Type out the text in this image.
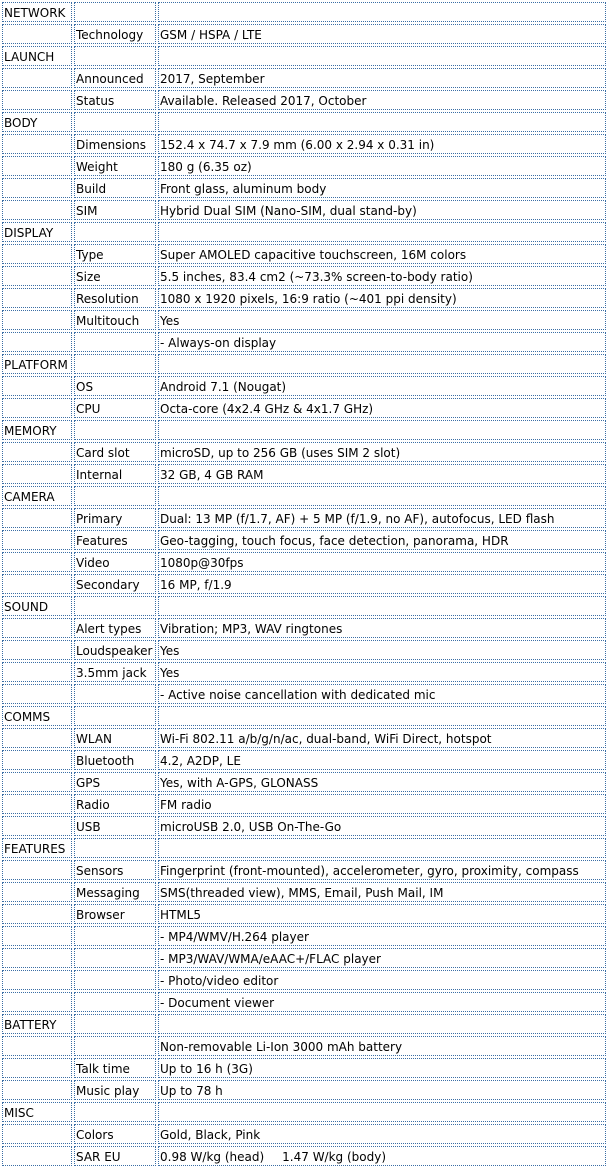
NETWORK		
	Technology	GSM / HSPA / LTE
LAUNCH		
	Announced	2017, September
	Status	Available. Released 2017, October
BODY		
	Dimensions	152.4 x 74.7 x 7.9 mm (6.00 x 2.94 x 0.31 in)
	Weight	180 g (6.35 oz)
	Build	Front glass, aluminum body
	SIM	Hybrid Dual SIM (Nano-SIM, dual stand-by)
DISPLAY		
	Type	Super AMOLED capacitive touchscreen, 16M colors
	Size	5.5 inches, 83.4 cm2 (~73.3% screen-to-body ratio)
	Resolution	1080 x 1920 pixels, 16:9 ratio (~401 ppi density)
	Multitouch	Yes
		- Always-on display
PLATFORM		
	OS	Android 7.1 (Nougat)
	CPU	Octa-core (4x2.4 GHz & 4x1.7 GHz)
MEMORY		
	Card slot	microSD, up to 256 GB (uses SIM 2 slot)
	Internal	32 GB, 4 GB RAM
CAMERA		
	Primary	Dual: 13 MP (f/1.7, AF) + 5 MP (f/1.9, no AF), autofocus, LED flash
	Features	Geo-tagging, touch focus, face detection, panorama, HDR
	Video	1080p@30fps
	Secondary	16 MP, f/1.9
SOUND		
	Alert types	Vibration; MP3, WAV ringtones
	Loudspeaker	Yes
	3.5mm jack	Yes
		- Active noise cancellation with dedicated mic
COMMS		
	WLAN	Wi-Fi 802.11 a/b/g/n/ac, dual-band, WiFi Direct, hotspot
	Bluetooth	4.2, A2DP, LE
	GPS	Yes, with A-GPS, GLONASS
	Radio	FM radio
	USB	microUSB 2.0, USB On-The-Go
FEATURES		
	Sensors	Fingerprint (front-mounted), accelerometer, gyro, proximity, compass
	Messaging	SMS(threaded view), MMS, Email, Push Mail, IM
	Browser	HTML5
		- MP4/WMV/H.264 player
		- MP3/WAV/WMA/eAAC+/FLAC player
		- Photo/video editor
		- Document viewer
BATTERY		
		Non-removable Li-Ion 3000 mAh battery
	Talk time	Up to 16 h (3G)
	Music play	Up to 78 h
MISC		
	Colors	Gold, Black, Pink
	SAR EU	0.98 W/kg (head) 1.47 W/kg (body)
